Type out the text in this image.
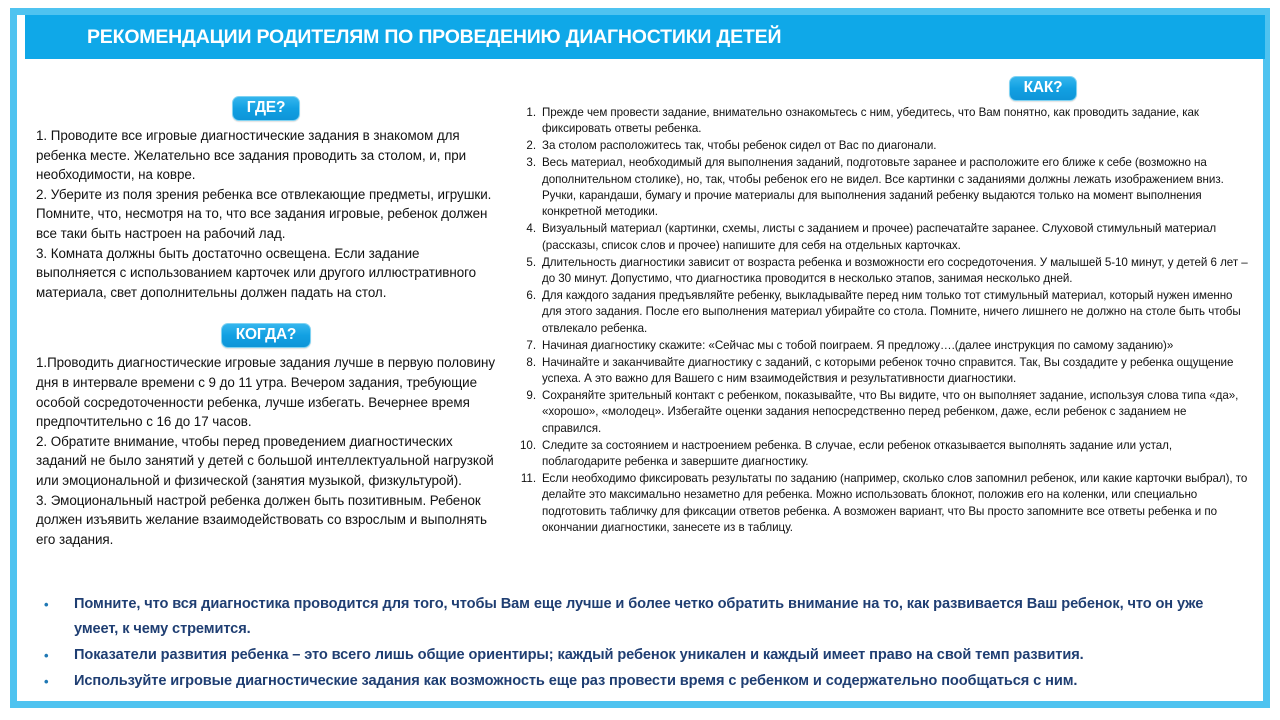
РЕКОМЕНДАЦИИ РОДИТЕЛЯМ ПО ПРОВЕДЕНИЮ ДИАГНОСТИКИ ДЕТЕЙ
ГДЕ?

1. Проводите все игровые диагностические задания в знакомом для ребенка месте. Желательно все задания проводить за столом, и, при необходимости, на ковре.

2. Уберите из поля зрения ребенка все отвлекающие предметы, игрушки. Помните, что, несмотря на то, что все задания игровые, ребенок должен все таки быть настроен на рабочий лад.

3. Комната должны быть достаточно освещена. Если задание выполняется с использованием карточек или другого иллюстративного материала, свет дополнительны должен падать на стол.

КОГДА?

1.Проводить диагностические игровые задания лучше в первую половину дня в интервале времени с 9 до 11 утра. Вечером задания, требующие особой сосредоточенности ребенка, лучше избегать. Вечернее время предпочтительно с 16 до 17 часов.

2. Обратите внимание, чтобы перед проведением диагностических заданий не было занятий у детей с большой интеллектуальной нагрузкой или эмоциональной и физической (занятия музыкой, физкультурой).

3. Эмоциональный настрой ребенка должен быть позитивным. Ребенок должен изъявить желание взаимодействовать со взрослым и выполнять его задания.

КАК?
1. Прежде чем провести задание, внимательно ознакомьтесь с ним, убедитесь, что Вам понятно, как проводить задание, как фиксировать ответы ребенка.
2. За столом расположитесь так, чтобы ребенок сидел от Вас по диагонали.
3. Весь материал, необходимый для выполнения заданий, подготовьте заранее и расположите его ближе к себе (возможно на дополнительном столике), но, так, чтобы ребенок его не видел. Все картинки с заданиями должны лежать изображением вниз. Ручки, карандаши, бумагу и прочие материалы для выполнения заданий ребенку выдаются только на момент выполнения конкретной методики.
4. Визуальный материал (картинки, схемы, листы с заданием и прочее) распечатайте заранее. Слуховой стимульный материал (рассказы, список слов и прочее) напишите для себя на отдельных карточках.
5. Длительность диагностики зависит от возраста ребенка и возможности его сосредоточения. У малышей 5-10 минут, у детей 6 лет – до 30 минут. Допустимо, что диагностика проводится в несколько этапов, занимая несколько дней.
6. Для каждого задания предъявляйте ребенку, выкладывайте перед ним только тот стимульный материал, который нужен именно для этого задания. После его выполнения материал убирайте со стола. Помните, ничего лишнего не должно на столе быть чтобы отвлекало ребенка.
7. Начиная диагностику скажите: «Сейчас мы с тобой поиграем. Я предложу….(далее инструкция по самому заданию)»
8. Начинайте и заканчивайте диагностику с заданий, с которыми ребенок точно справится. Так, Вы создадите у ребенка ощущение успеха. А это важно для Вашего с ним взаимодействия и результативности диагностики.
9. Сохраняйте зрительный контакт с ребенком, показывайте, что Вы видите, что он выполняет задание, используя слова типа «да», «хорошо», «молодец». Избегайте оценки задания непосредственно перед ребенком, даже, если ребенок с заданием не справился.
10. Следите за состоянием и настроением ребенка. В случае, если ребенок отказывается выполнять задание или устал, поблагодарите ребенка и завершите диагностику.
11. Если необходимо фиксировать результаты по заданию (например, сколько слов запомнил ребенок, или какие карточки выбрал), то делайте это максимально незаметно для ребенка. Можно использовать блокнот, положив его на коленки, или специально подготовить табличку для фиксации ответов ребенка. А возможен вариант, что Вы просто запомните все ответы ребенка и по окончании диагностики, занесете из в таблицу.
• Помните, что вся диагностика проводится для того, чтобы Вам еще лучше и более четко обратить внимание на то, как развивается Ваш ребенок, что он уже умеет, к чему стремится.
• Показатели развития ребенка – это всего лишь общие ориентиры; каждый ребенок уникален и каждый имеет право на свой темп развития.
• Используйте игровые диагностические задания как возможность еще раз провести время с ребенком и содержательно пообщаться с ним.
